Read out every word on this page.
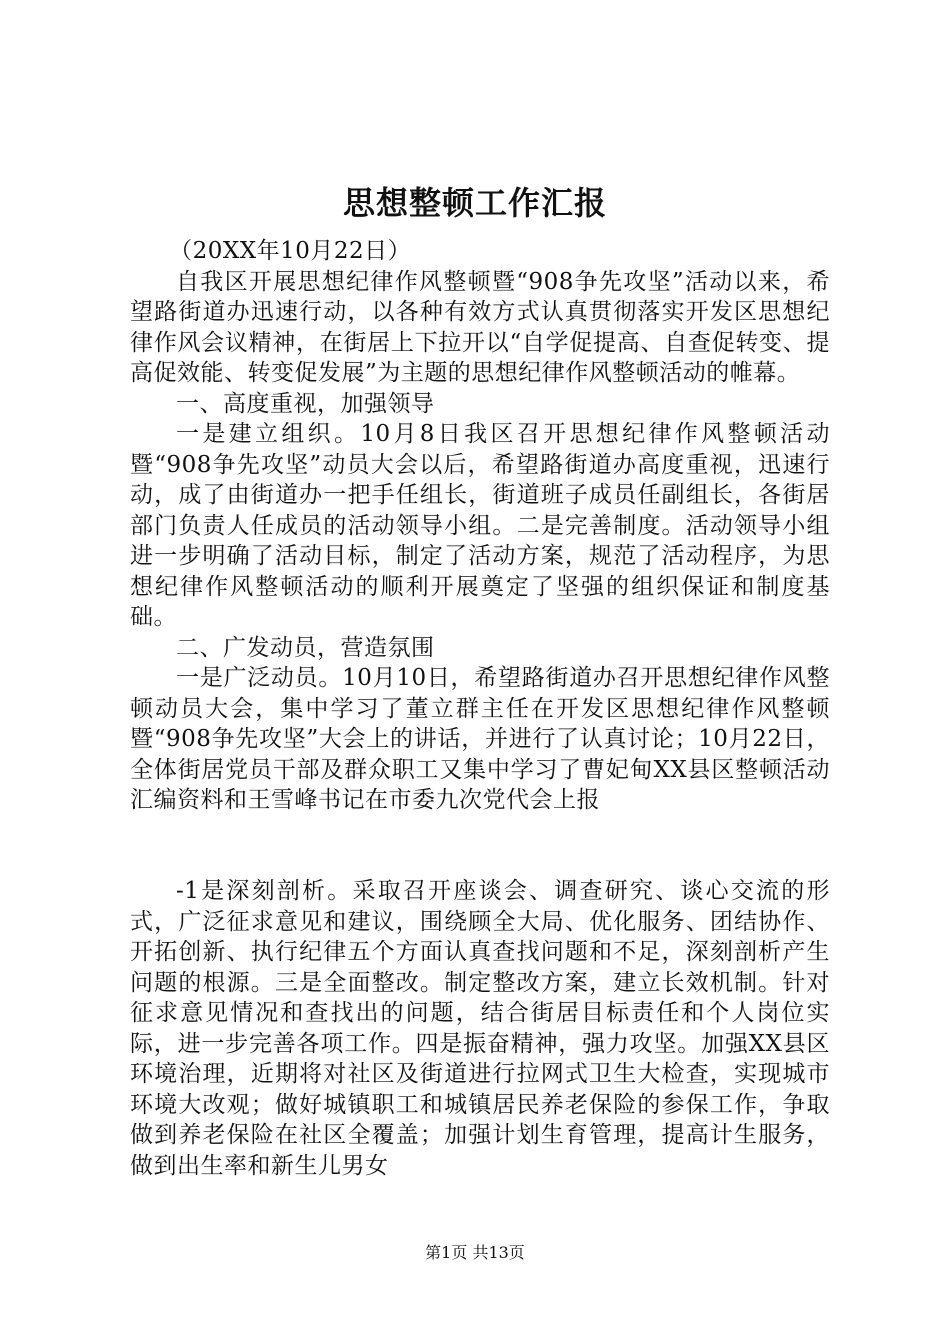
思想整顿工作汇报

（20XX年10月22日）

自我区开展思想纪律作风整顿暨“908争先攻坚”活动以来，希望路街道办迅速行动，以各种有效方式认真贯彻落实开发区思想纪律作风会议精神，在街居上下拉开以“自学促提高、自查促转变、提高促效能、转变促发展”为主题的思想纪律作风整顿活动的帷幕。

一、高度重视，加强领导

一是建立组织。10月8日我区召开思想纪律作风整顿活动暨“908争先攻坚”动员大会以后，希望路街道办高度重视，迅速行动，成了由街道办一把手任组长，街道班子成员任副组长，各街居部门负责人任成员的活动领导小组。二是完善制度。活动领导小组进一步明确了活动目标，制定了活动方案，规范了活动程序，为思想纪律作风整顿活动的顺利开展奠定了坚强的组织保证和制度基础。

二、广发动员，营造氛围

一是广泛动员。10月10日，希望路街道办召开思想纪律作风整顿动员大会，集中学习了董立群主任在开发区思想纪律作风整顿暨“908争先攻坚”大会上的讲话，并进行了认真讨论；10月22日，全体街居党员干部及群众职工又集中学习了曹妃甸XX县区整顿活动汇编资料和王雪峰书记在市委九次党代会上报

-1是深刻剖析。采取召开座谈会、调查研究、谈心交流的形式，广泛征求意见和建议，围绕顾全大局、优化服务、团结协作、开拓创新、执行纪律五个方面认真查找问题和不足，深刻剖析产生问题的根源。三是全面整改。制定整改方案，建立长效机制。针对征求意见情况和查找出的问题，结合街居目标责任和个人岗位实际，进一步完善各项工作。四是振奋精神，强力攻坚。加强XX县区环境治理，近期将对社区及街道进行拉网式卫生大检查，实现城市环境大改观；做好城镇职工和城镇居民养老保险的参保工作，争取做到养老保险在社区全覆盖；加强计划生育管理，提高计生服务，做到出生率和新生儿男女

第1页 共13页
